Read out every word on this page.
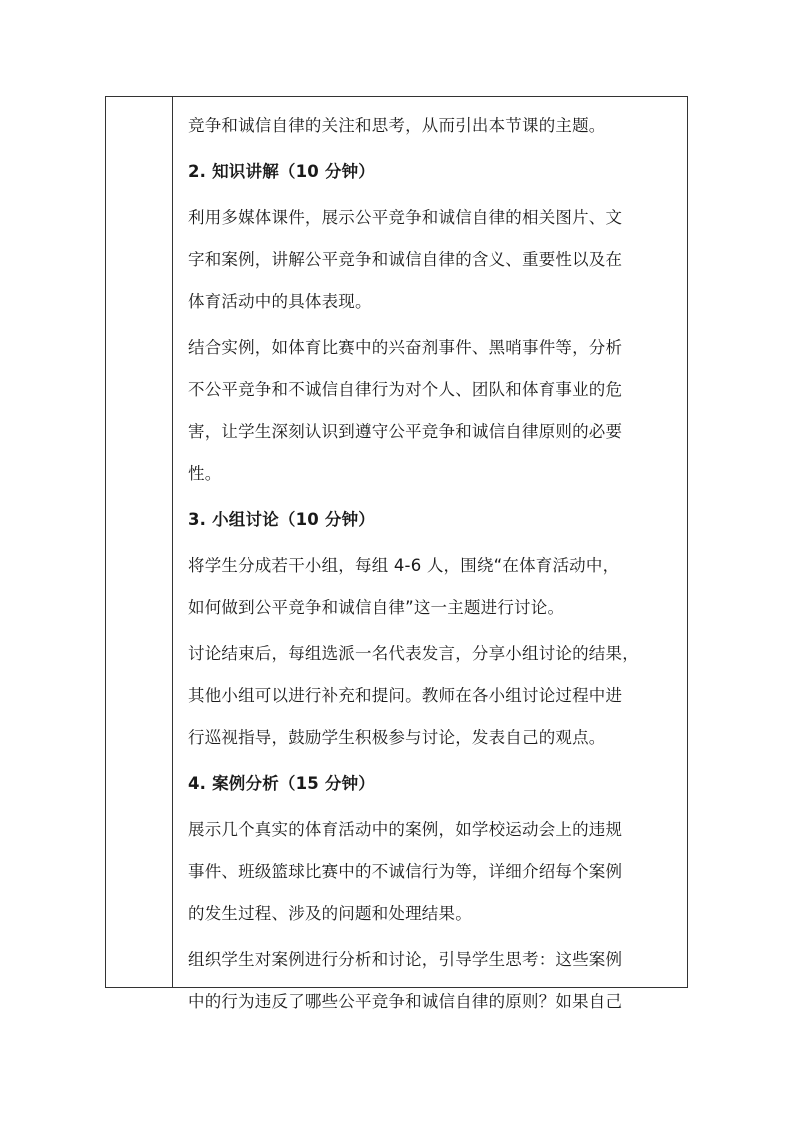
竞争和诚信自律的关注和思考，从而引出本节课的主题。
2. 知识讲解（10 分钟）
利用多媒体课件，展示公平竞争和诚信自律的相关图片、文
字和案例，讲解公平竞争和诚信自律的含义、重要性以及在
体育活动中的具体表现。
结合实例，如体育比赛中的兴奋剂事件、黑哨事件等，分析
不公平竞争和不诚信自律行为对个人、团队和体育事业的危
害，让学生深刻认识到遵守公平竞争和诚信自律原则的必要
性。
3. 小组讨论（10 分钟）
将学生分成若干小组，每组 4-6 人，围绕“在体育活动中，
如何做到公平竞争和诚信自律”这一主题进行讨论。
讨论结束后，每组选派一名代表发言，分享小组讨论的结果，
其他小组可以进行补充和提问。教师在各小组讨论过程中进
行巡视指导，鼓励学生积极参与讨论，发表自己的观点。
4. 案例分析（15 分钟）
展示几个真实的体育活动中的案例，如学校运动会上的违规
事件、班级篮球比赛中的不诚信行为等，详细介绍每个案例
的发生过程、涉及的问题和处理结果。
组织学生对案例进行分析和讨论，引导学生思考：这些案例
中的行为违反了哪些公平竞争和诚信自律的原则？如果自己
